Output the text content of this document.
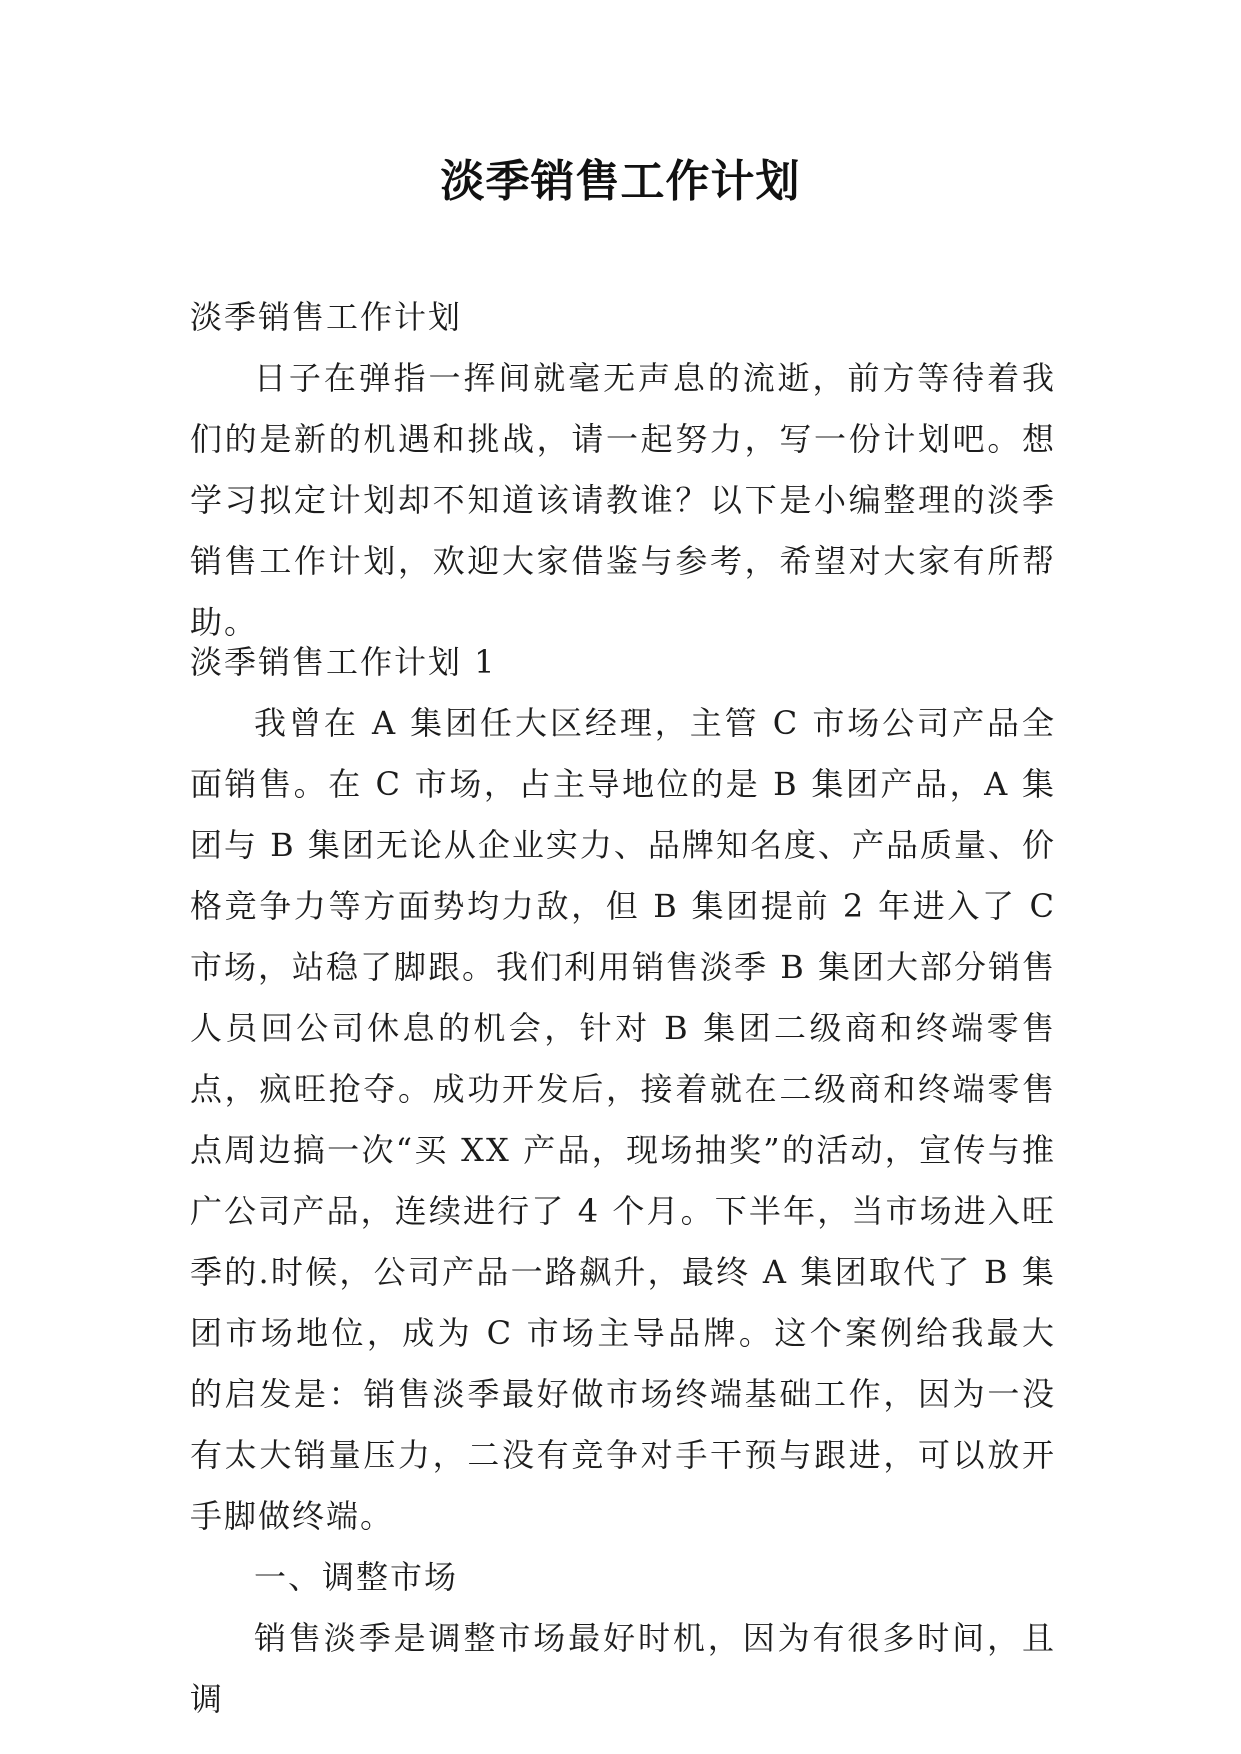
淡季销售工作计划

淡季销售工作计划

日子在弹指一挥间就毫无声息的流逝，前方等待着我们的是新的机遇和挑战，请一起努力，写一份计划吧。想学习拟定计划却不知道该请教谁？以下是小编整理的淡季销售工作计划，欢迎大家借鉴与参考，希望对大家有所帮助。

淡季销售工作计划 1

我曾在 A 集团任大区经理，主管 C 市场公司产品全面销售。在 C 市场，占主导地位的是 B 集团产品，A 集团与 B 集团无论从企业实力、品牌知名度、产品质量、价格竞争力等方面势均力敌，但 B 集团提前 2 年进入了 C 市场，站稳了脚跟。我们利用销售淡季 B 集团大部分销售人员回公司休息的机会，针对 B 集团二级商和终端零售点，疯旺抢夺。成功开发后，接着就在二级商和终端零售点周边搞一次“买 XX 产品，现场抽奖”的活动，宣传与推广公司产品，连续进行了 4 个月。下半年，当市场进入旺季的.时候，公司产品一路飙升，最终 A 集团取代了 B 集团市场地位，成为 C 市场主导品牌。这个案例给我最大的启发是：销售淡季最好做市场终端基础工作，因为一没有太大销量压力，二没有竞争对手干预与跟进，可以放开手脚做终端。

一、调整市场

销售淡季是调整市场最好时机，因为有很多时间，且调
